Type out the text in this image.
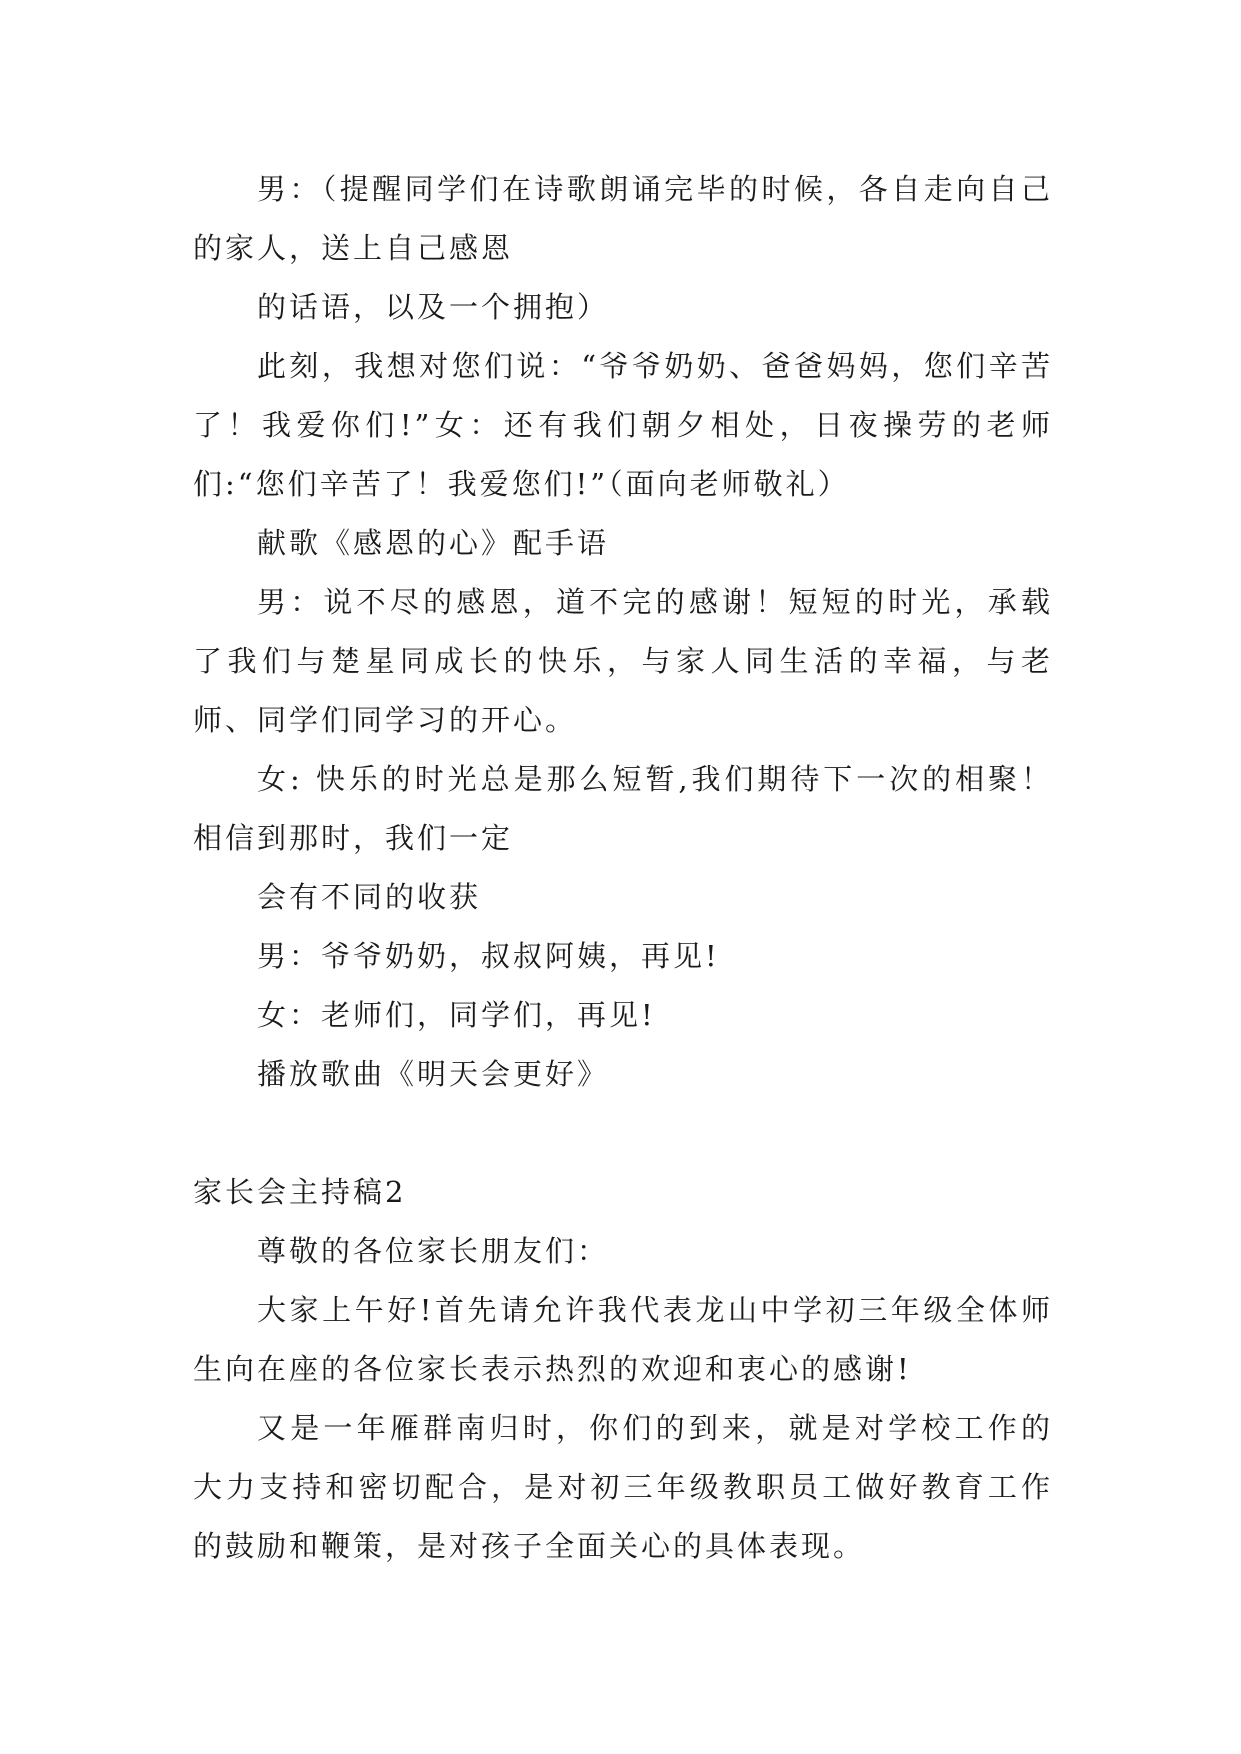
男：（提醒同学们在诗歌朗诵完毕的时候，各自走向自己的家人，送上自己感恩

的话语，以及一个拥抱）

此刻，我想对您们说：“爷爷奶奶、爸爸妈妈，您们辛苦了！我爱你们!”女：还有我们朝夕相处，日夜操劳的老师们:“您们辛苦了！我爱您们!”（面向老师敬礼）

献歌《感恩的心》配手语

男：说不尽的感恩，道不完的感谢！短短的时光，承载了我们与楚星同成长的快乐，与家人同生活的幸福，与老师、同学们同学习的开心。

女: 快乐的时光总是那么短暂,我们期待下一次的相聚！相信到那时，我们一定

会有不同的收获

男：爷爷奶奶，叔叔阿姨，再见!

女：老师们，同学们，再见!

播放歌曲《明天会更好》

家长会主持稿2

尊敬的各位家长朋友们：

大家上午好!首先请允许我代表龙山中学初三年级全体师生向在座的各位家长表示热烈的欢迎和衷心的感谢!

又是一年雁群南归时，你们的到来，就是对学校工作的大力支持和密切配合，是对初三年级教职员工做好教育工作的鼓励和鞭策，是对孩子全面关心的具体表现。
